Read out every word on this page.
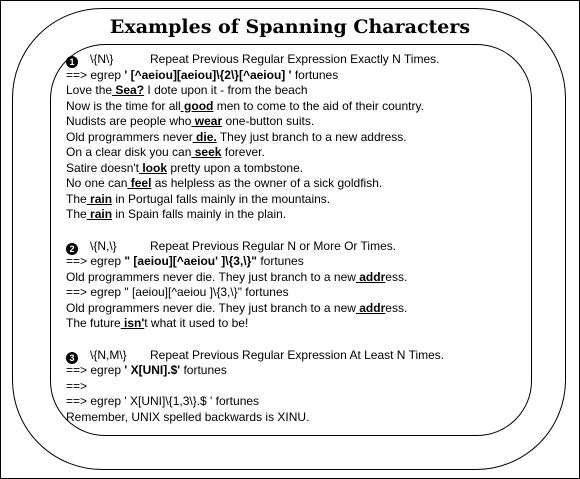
Examples of Spanning Characters
1 \{N\}	Repeat Previous Regular Expression Exactly N Times.
==> egrep ' [^aeiou][aeiou]\{2\}[^aeiou] ' fortunes
Love the Sea? I dote upon it - from the beach
Now is the time for all good men to come to the aid of their country.
Nudists are people who wear one-button suits.
Old programmers never die. They just branch to a new address.
On a clear disk you can seek forever.
Satire doesn't look pretty upon a tombstone.
No one can feel as helpless as the owner of a sick goldfish.
The rain in Portugal falls mainly in the mountains.
The rain in Spain falls mainly in the plain.
2 \{N,\}	Repeat Previous Regular N or More Or Times.
==> egrep " [aeiou][^aeiou' ]\{3,\}" fortunes
Old programmers never die. They just branch to a new address.
==> egrep " [aeiou][^aeiou ]\{3,\}" fortunes
Old programmers never die. They just branch to a new address.
The future isn't what it used to be!
3 \{N,M\} Repeat Previous Regular Expression At Least N Times.
==> egrep ' X[UNI].$' fortunes
==>
==> egrep ' X[UNI]\{1,3\}.$ ' fortunes
Remember, UNIX spelled backwards is XINU.
